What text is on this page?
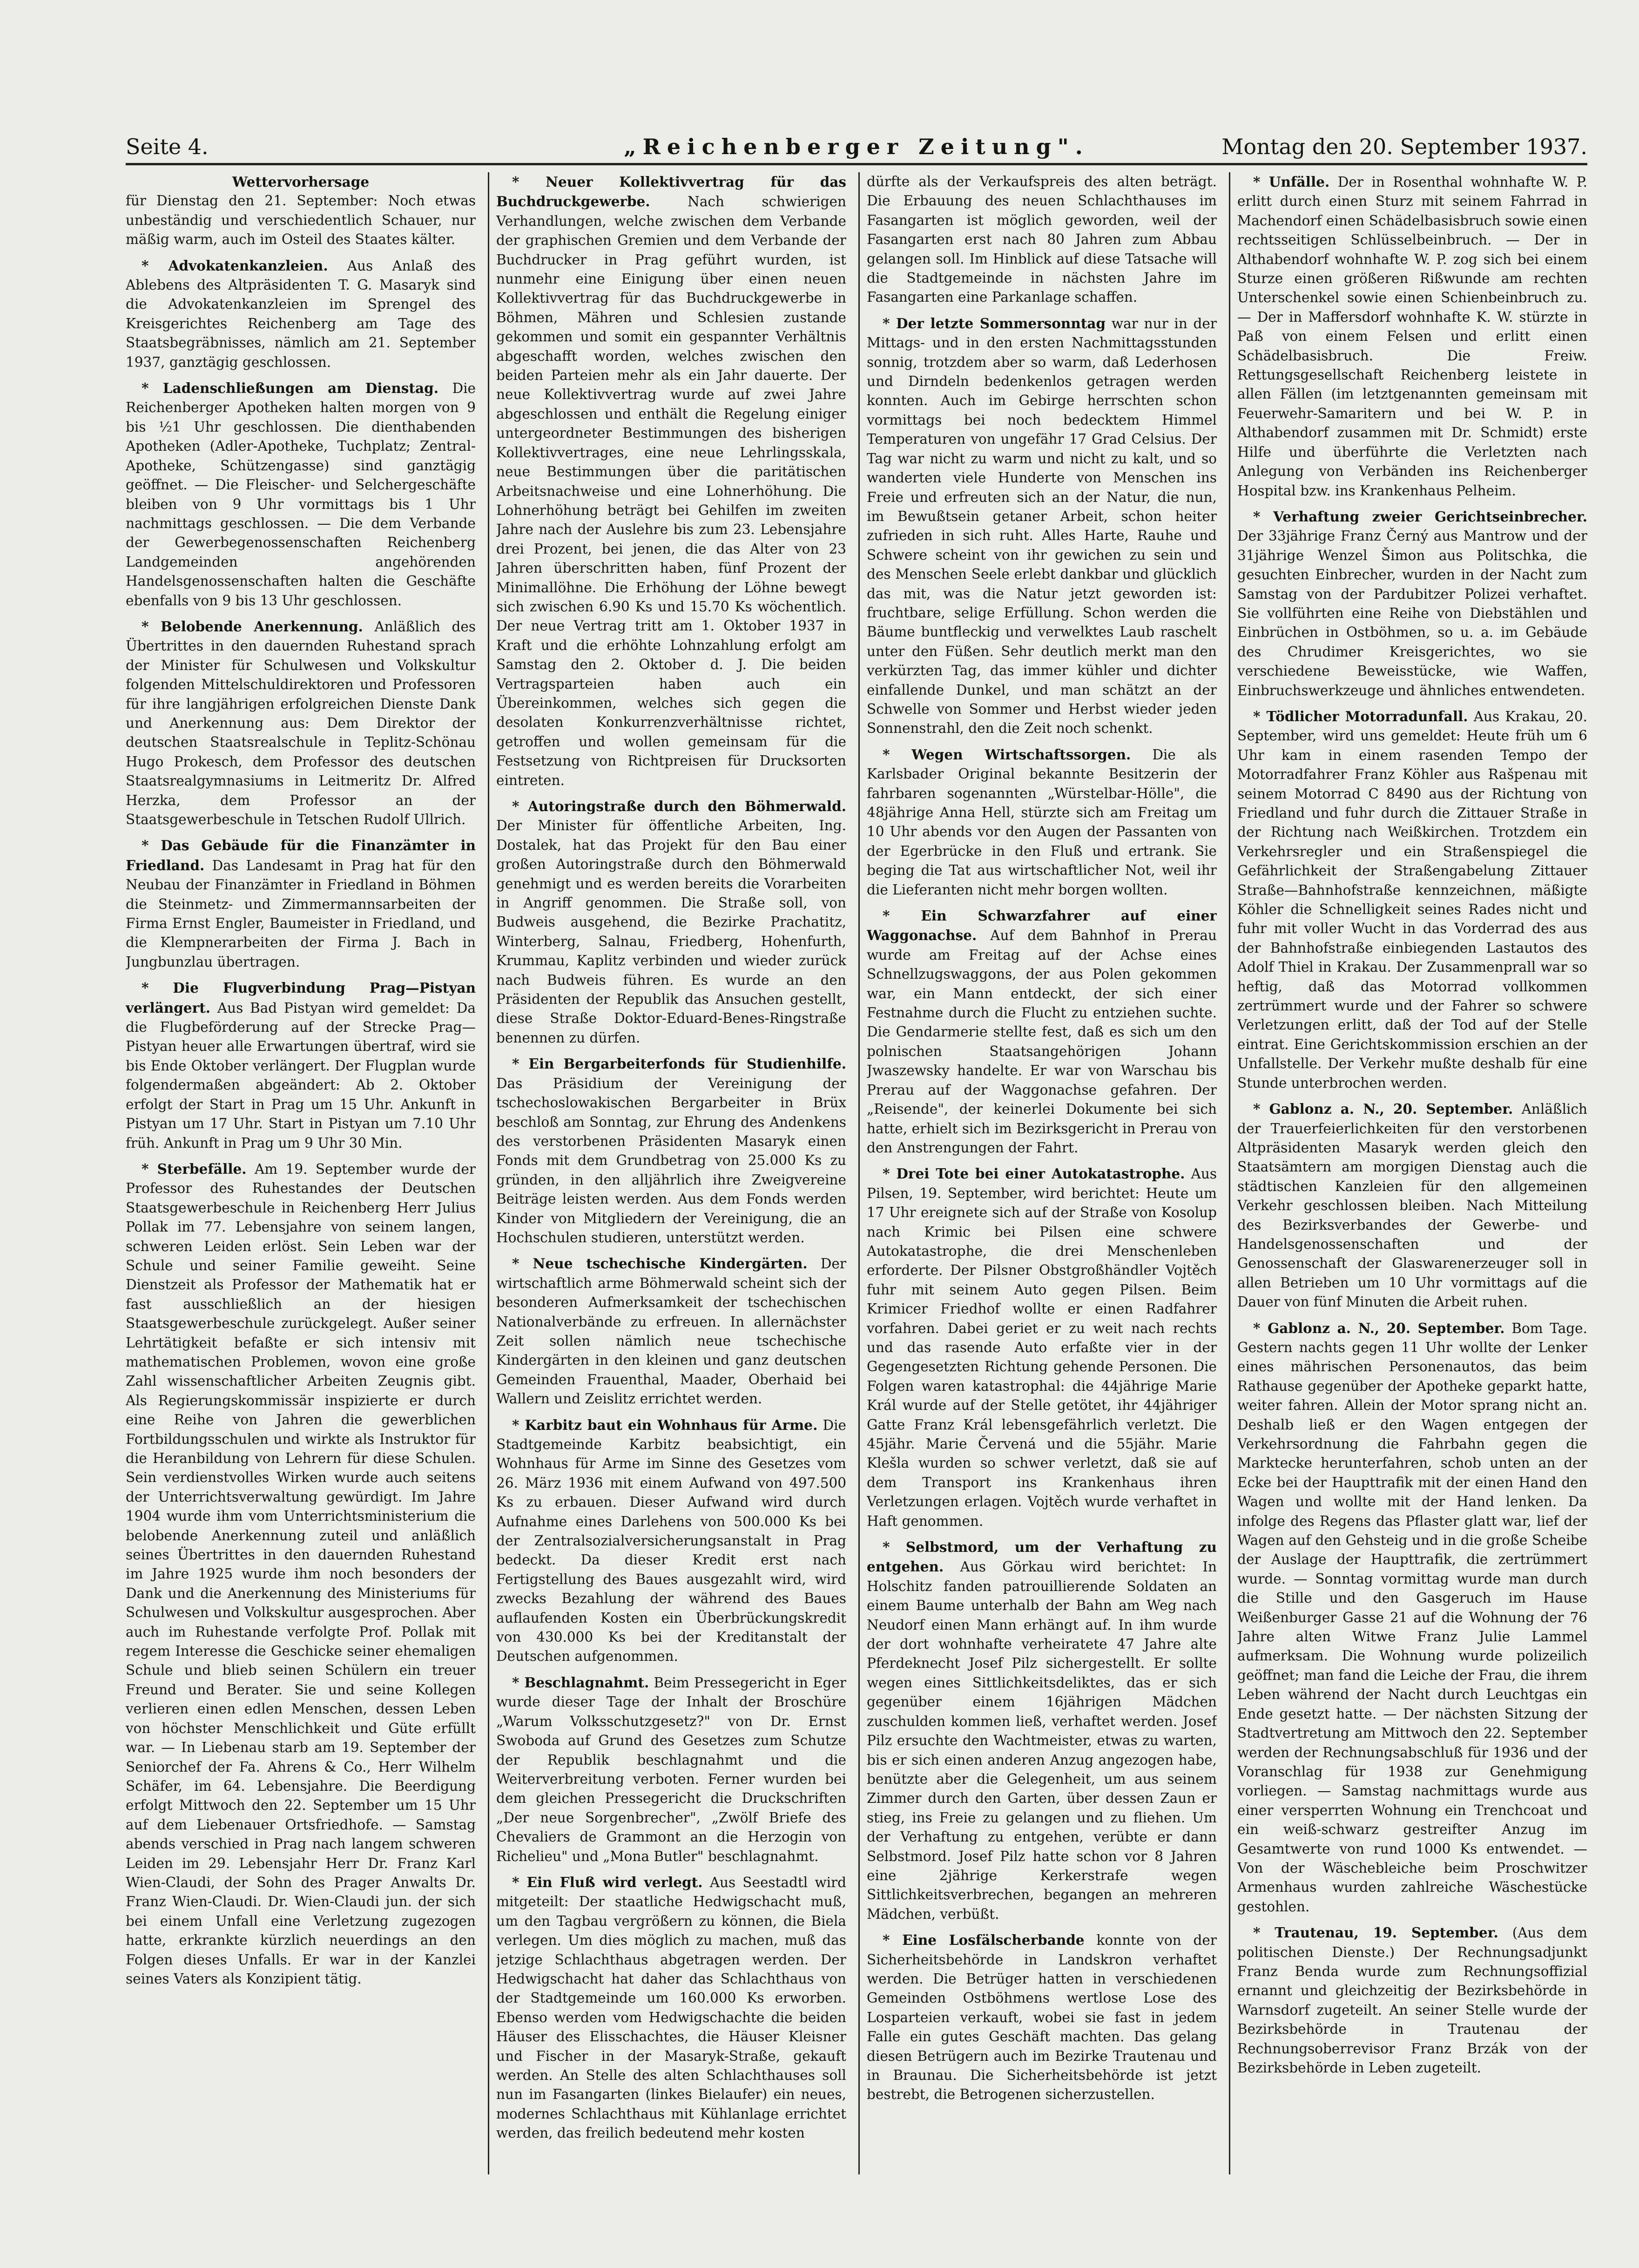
Seite 4.	„Reichenberger Zeitung".	Montag den 20. September 1937.

Wettervorhersage

für Dienstag den 21. September: Noch etwas unbeständig und verschiedentlich Schauer, nur mäßig warm, auch im Osteil des Staates kälter.

* Advokatenkanzleien. Aus Anlaß des Ablebens des Altpräsidenten T. G. Masaryk sind die Advokatenkanzleien im Sprengel des Kreisgerichtes Reichenberg am Tage des Staatsbegräbnisses, nämlich am 21. September 1937, ganztägig geschlossen.

* Ladenschließungen am Dienstag. Die Reichenberger Apotheken halten morgen von 9 bis ½1 Uhr geschlossen. Die dienthabenden Apotheken (Adler-Apotheke, Tuchplatz; Zentral-Apotheke, Schützengasse) sind ganztägig geöffnet. — Die Fleischer- und Selchergeschäfte bleiben von 9 Uhr vormittags bis 1 Uhr nachmittags geschlossen. — Die dem Verbande der Gewerbegenossenschaften Reichenberg Landgemeinden angehörenden Handelsgenossenschaften halten die Geschäfte ebenfalls von 9 bis 13 Uhr geschlossen.

* Belobende Anerkennung. Anläßlich des Übertrittes in den dauernden Ruhestand sprach der Minister für Schulwesen und Volkskultur folgenden Mittelschuldirektoren und Professoren für ihre langjährigen erfolgreichen Dienste Dank und Anerkennung aus: Dem Direktor der deutschen Staatsrealschule in Teplitz-Schönau Hugo Prokesch, dem Professor des deutschen Staatsrealgymnasiums in Leitmeritz Dr. Alfred Herzka, dem Professor an der Staatsgewerbeschule in Tetschen Rudolf Ullrich.

* Das Gebäude für die Finanzämter in Friedland. Das Landesamt in Prag hat für den Neubau der Finanzämter in Friedland in Böhmen die Steinmetz- und Zimmermannsarbeiten der Firma Ernst Engler, Baumeister in Friedland, und die Klempnerarbeiten der Firma J. Bach in Jungbunzlau übertragen.

* Die Flugverbindung Prag—Pistyan verlängert. Aus Bad Pistyan wird gemeldet: Da die Flugbeförderung auf der Strecke Prag—Pistyan heuer alle Erwartungen übertraf, wird sie bis Ende Oktober verlängert. Der Flugplan wurde folgendermaßen abgeändert: Ab 2. Oktober erfolgt der Start in Prag um 15 Uhr. Ankunft in Pistyan um 17 Uhr. Start in Pistyan um 7.10 Uhr früh. Ankunft in Prag um 9 Uhr 30 Min.

* Sterbefälle. Am 19. September wurde der Professor des Ruhestandes der Deutschen Staatsgewerbeschule in Reichenberg Herr Julius Pollak im 77. Lebensjahre von seinem langen, schweren Leiden erlöst. Sein Leben war der Schule und seiner Familie geweiht. Seine Dienstzeit als Professor der Mathematik hat er fast ausschließlich an der hiesigen Staatsgewerbeschule zurückgelegt. Außer seiner Lehrtätigkeit befaßte er sich intensiv mit mathematischen Problemen, wovon eine große Zahl wissenschaftlicher Arbeiten Zeugnis gibt. Als Regierungskommissär inspizierte er durch eine Reihe von Jahren die gewerblichen Fortbildungsschulen und wirkte als Instruktor für die Heranbildung von Lehrern für diese Schulen. Sein verdienstvolles Wirken wurde auch seitens der Unterrichtsverwaltung gewürdigt. Im Jahre 1904 wurde ihm vom Unterrichtsministerium die belobende Anerkennung zuteil und anläßlich seines Übertrittes in den dauernden Ruhestand im Jahre 1925 wurde ihm noch besonders der Dank und die Anerkennung des Ministeriums für Schulwesen und Volkskultur ausgesprochen. Aber auch im Ruhestande verfolgte Prof. Pollak mit regem Interesse die Geschicke seiner ehemaligen Schule und blieb seinen Schülern ein treuer Freund und Berater. Sie und seine Kollegen verlieren einen edlen Menschen, dessen Leben von höchster Menschlichkeit und Güte erfüllt war. — In Liebenau starb am 19. September der Seniorchef der Fa. Ahrens & Co., Herr Wilhelm Schäfer, im 64. Lebensjahre. Die Beerdigung erfolgt Mittwoch den 22. September um 15 Uhr auf dem Liebenauer Ortsfriedhofe. — Samstag abends verschied in Prag nach langem schweren Leiden im 29. Lebensjahr Herr Dr. Franz Karl Wien-Claudi, der Sohn des Prager Anwalts Dr. Franz Wien-Claudi. Dr. Wien-Claudi jun. der sich bei einem Unfall eine Verletzung zugezogen hatte, erkrankte kürzlich neuerdings an den Folgen dieses Unfalls. Er war in der Kanzlei seines Vaters als Konzipient tätig.

* Neuer Kollektivvertrag für das Buchdruckgewerbe.	Nach schwierigen Verhandlungen, welche zwischen dem Verbande der graphischen Gremien und dem Verbande der Buchdrucker in Prag geführt wurden, ist nunmehr eine Einigung über einen neuen Kollektivvertrag für das Buchdruckgewerbe in Böhmen, Mähren und Schlesien zustande gekommen und somit ein gespannter Verhältnis abgeschafft worden, welches zwischen den beiden Parteien mehr als ein Jahr dauerte. Der neue Kollektivvertrag wurde auf zwei Jahre abgeschlossen und enthält die Regelung einiger untergeordneter Bestimmungen des bisherigen Kollektivvertrages, eine neue Lehrlingsskala, neue Bestimmungen über die paritätischen Arbeitsnachweise und eine Lohnerhöhung. Die Lohnerhöhung beträgt bei Gehilfen im zweiten Jahre nach der Auslehre bis zum 23. Lebensjahre drei Prozent, bei jenen, die das Alter von 23 Jahren überschritten haben, fünf Prozent der Minimallöhne. Die Erhöhung der Löhne bewegt sich zwischen 6.90 Ks und 15.70 Ks wöchentlich. Der neue Vertrag tritt am 1. Oktober 1937 in Kraft und die erhöhte Lohnzahlung erfolgt am Samstag den 2. Oktober d. J. Die beiden Vertragsparteien haben auch ein Übereinkommen, welches sich gegen die desolaten Konkurrenzverhältnisse richtet, getroffen und wollen gemeinsam für die Festsetzung von Richtpreisen für Drucksorten eintreten.

* Autoringstraße durch den Böhmerwald. Der Minister für öffentliche Arbeiten, Ing. Dostalek, hat das Projekt für den Bau einer großen Autoringstraße durch den Böhmerwald genehmigt und es werden bereits die Vorarbeiten in Angriff genommen. Die Straße soll, von Budweis ausgehend, die Bezirke Prachatitz, Winterberg, Salnau, Friedberg, Hohenfurth, Krummau, Kaplitz verbinden und wieder zurück nach Budweis führen. Es wurde an den Präsidenten der Republik das Ansuchen gestellt, diese Straße Doktor-Eduard-Benes-Ringstraße benennen zu dürfen.

* Ein Bergarbeiterfonds für Studienhilfe. Das Präsidium der Vereinigung der tschechoslowakischen Bergarbeiter in Brüx beschloß am Sonntag, zur Ehrung des Andenkens des verstorbenen Präsidenten Masaryk einen Fonds mit dem Grundbetrag von 25.000 Ks zu gründen, in den alljährlich ihre Zweigvereine Beiträge leisten werden. Aus dem Fonds werden Kinder von Mitgliedern der Vereinigung, die an Hochschulen studieren, unterstützt werden.

* Neue tschechische Kindergärten. Der wirtschaftlich arme Böhmerwald scheint sich der besonderen Aufmerksamkeit der tschechischen Nationalverbände zu erfreuen. In allernächster Zeit sollen nämlich neue tschechische Kindergärten in den kleinen und ganz deutschen Gemeinden Frauenthal, Maader, Oberhaid bei Wallern und Zeislitz errichtet werden.

* Karbitz baut ein Wohnhaus für Arme. Die Stadtgemeinde Karbitz beabsichtigt, ein Wohnhaus für Arme im Sinne des Gesetzes vom 26. März 1936 mit einem Aufwand von 497.500 Ks zu erbauen. Dieser Aufwand wird durch Aufnahme eines Darlehens von 500.000 Ks bei der Zentralsozialversicherungsanstalt in Prag bedeckt. Da dieser Kredit erst nach Fertigstellung des Baues ausgezahlt wird, wird zwecks Bezahlung der während des Baues auflaufenden Kosten ein Überbrückungskredit von 430.000 Ks bei der Kreditanstalt der Deutschen aufgenommen.

* Beschlagnahmt. Beim Pressegericht in Eger wurde dieser Tage der Inhalt der Broschüre „Warum Volksschutzgesetz?" von Dr. Ernst Swoboda auf Grund des Gesetzes zum Schutze der Republik beschlagnahmt und die Weiterverbreitung verboten. Ferner wurden bei dem gleichen Pressegericht die Druckschriften „Der neue Sorgenbrecher", „Zwölf Briefe des Chevaliers de Grammont an die Herzogin von Richelieu" und „Mona Butler" beschlagnahmt.

* Ein Fluß wird verlegt. Aus Seestadtl wird mitgeteilt: Der staatliche Hedwigschacht muß, um den Tagbau vergrößern zu können, die Biela verlegen. Um dies möglich zu machen, muß das jetzige Schlachthaus abgetragen werden. Der Hedwigschacht hat daher das Schlachthaus von der Stadtgemeinde um 160.000 Ks erworben. Ebenso werden vom Hedwigschachte die beiden Häuser des Elisschachtes, die Häuser Kleisner und Fischer in der Masaryk-Straße, gekauft werden. An Stelle des alten Schlachthauses soll nun im Fasangarten (linkes Bielaufer) ein neues, modernes Schlachthaus mit Kühlanlage errichtet werden, das freilich bedeutend mehr kosten

dürfte als der Verkaufspreis des alten beträgt. Die Erbauung des neuen Schlachthauses im Fasangarten ist möglich geworden, weil der Fasangarten erst nach 80 Jahren zum Abbau gelangen soll. Im Hinblick auf diese Tatsache will die Stadtgemeinde in nächsten Jahre im Fasangarten eine Parkanlage schaffen.

* Der letzte Sommersonntag war nur in der Mittags- und in den ersten Nachmittagsstunden sonnig, trotzdem aber so warm, daß Lederhosen und Dirndeln bedenkenlos getragen werden konnten. Auch im Gebirge herrschten schon vormittags bei noch bedecktem Himmel Temperaturen von ungefähr 17 Grad Celsius. Der Tag war nicht zu warm und nicht zu kalt, und so wanderten viele Hunderte von Menschen ins Freie und erfreuten sich an der Natur, die nun, im Bewußtsein getaner Arbeit, schon heiter zufrieden in sich ruht. Alles Harte, Rauhe und Schwere scheint von ihr gewichen zu sein und des Menschen Seele erlebt dankbar und glücklich das mit, was die Natur jetzt geworden ist: fruchtbare, selige Erfüllung. Schon werden die Bäume buntfleckig und verwelktes Laub raschelt unter den Füßen. Sehr deutlich merkt man den verkürzten Tag, das immer kühler und dichter einfallende Dunkel, und man schätzt an der Schwelle von Sommer und Herbst wieder jeden Sonnenstrahl, den die Zeit noch schenkt.

* Wegen Wirtschaftssorgen. Die als Karlsbader Original bekannte Besitzerin der fahrbaren sogenannten „Würstelbar-Hölle", die 48jährige Anna Hell, stürzte sich am Freitag um 10 Uhr abends vor den Augen der Passanten von der Egerbrücke in den Fluß und ertrank. Sie beging die Tat aus wirtschaftlicher Not, weil ihr die Lieferanten nicht mehr borgen wollten.

* Ein Schwarzfahrer auf einer Waggonachse. Auf dem Bahnhof in Prerau wurde am Freitag auf der Achse eines Schnellzugswaggons, der aus Polen gekommen war, ein Mann entdeckt, der sich einer Festnahme durch die Flucht zu entziehen suchte. Die Gendarmerie stellte fest, daß es sich um den polnischen Staatsangehörigen Johann Jwaszewsky handelte. Er war von Warschau bis Prerau auf der Waggonachse gefahren. Der „Reisende", der keinerlei Dokumente bei sich hatte, erhielt sich im Bezirksgericht in Prerau von den Anstrengungen der Fahrt.

* Drei Tote bei einer Autokatastrophe. Aus Pilsen, 19. September, wird berichtet: Heute um 17 Uhr ereignete sich auf der Straße von Kosolup nach Krimic bei Pilsen eine schwere Autokatastrophe, die drei Menschenleben erforderte. Der Pilsner Obstgroßhändler Vojtěch fuhr mit seinem Auto gegen Pilsen. Beim Krimicer Friedhof wollte er einen Radfahrer vorfahren. Dabei geriet er zu weit nach rechts und das rasende Auto erfaßte vier in der Gegengesetzten Richtung gehende Personen. Die Folgen waren katastrophal: die 44jährige Marie Král wurde auf der Stelle getötet, ihr 44jähriger Gatte Franz Král lebensgefährlich verletzt. Die 45jähr. Marie Červená und die 55jähr. Marie Klešla wurden so schwer verletzt, daß sie auf dem Transport ins Krankenhaus ihren Verletzungen erlagen. Vojtěch wurde verhaftet in Haft genommen.

* Selbstmord, um der Verhaftung zu entgehen. Aus Görkau wird berichtet: In Holschitz fanden patrouillierende Soldaten an einem Baume unterhalb der Bahn am Weg nach Neudorf einen Mann erhängt auf. In ihm wurde der dort wohnhafte verheiratete 47 Jahre alte Pferdeknecht Josef Pilz sichergestellt. Er sollte wegen eines Sittlichkeitsdeliktes, das er sich gegenüber einem 16jährigen Mädchen zuschulden kommen ließ, verhaftet werden. Josef Pilz ersuchte den Wachtmeister, etwas zu warten, bis er sich einen anderen Anzug angezogen habe, benützte aber die Gelegenheit, um aus seinem Zimmer durch den Garten, über dessen Zaun er stieg, ins Freie zu gelangen und zu fliehen. Um der Verhaftung zu entgehen, verübte er dann Selbstmord. Josef Pilz hatte schon vor 8 Jahren eine 2jährige Kerkerstrafe wegen Sittlichkeitsverbrechen, begangen an mehreren Mädchen, verbüßt.

* Eine Losfälscherbande konnte von der Sicherheitsbehörde in Landskron verhaftet werden. Die Betrüger hatten in verschiedenen Gemeinden Ostböhmens wertlose Lose des Losparteien verkauft, wobei sie fast in jedem Falle ein gutes Geschäft machten. Das gelang diesen Betrügern auch im Bezirke Trautenau und in Braunau. Die Sicherheitsbehörde ist jetzt bestrebt, die Betrogenen sicherzustellen.

* Unfälle. Der in Rosenthal wohnhafte W. P. erlitt durch einen Sturz mit seinem Fahrrad in Machendorf einen Schädelbasisbruch sowie einen rechtsseitigen Schlüsselbeinbruch. — Der in Althabendorf wohnhafte W. P. zog sich bei einem Sturze einen größeren Rißwunde am rechten Unterschenkel sowie einen Schienbeinbruch zu. — Der in Maffersdorf wohnhafte K. W. stürzte in Paß von einem Felsen und erlitt einen Schädelbasisbruch. Die Freiw. Rettungsgesellschaft Reichenberg leistete in allen Fällen (im letztgenannten gemeinsam mit Feuerwehr-Samaritern und bei W. P. in Althabendorf zusammen mit Dr. Schmidt) erste Hilfe und überführte die Verletzten nach Anlegung von Verbänden ins Reichenberger Hospital bzw. ins Krankenhaus Pelheim.

* Verhaftung zweier Gerichtseinbrecher. Der 33jährige Franz Černý aus Mantrow und der 31jährige Wenzel Šimon aus Politschka, die gesuchten Einbrecher, wurden in der Nacht zum Samstag von der Pardubitzer Polizei verhaftet. Sie vollführten eine Reihe von Diebstählen und Einbrüchen in Ostböhmen, so u. a. im Gebäude des Chrudimer Kreisgerichtes, wo sie verschiedene Beweisstücke, wie Waffen, Einbruchswerkzeuge und ähnliches entwendeten.

* Tödlicher Motorradunfall. Aus Krakau, 20. September, wird uns gemeldet: Heute früh um 6 Uhr kam in einem rasenden Tempo der Motorradfahrer Franz Köhler aus Rašpenau mit seinem Motorrad C 8490 aus der Richtung von Friedland und fuhr durch die Zittauer Straße in der Richtung nach Weißkirchen. Trotzdem ein Verkehrsregler und ein Straßenspiegel die Gefährlichkeit der Straßengabelung Zittauer Straße—Bahnhofstraße kennzeichnen, mäßigte Köhler die Schnelligkeit seines Rades nicht und fuhr mit voller Wucht in das Vorderrad des aus der Bahnhofstraße einbiegenden Lastautos des Adolf Thiel in Krakau. Der Zusammenprall war so heftig, daß das Motorrad vollkommen zertrümmert wurde und der Fahrer so schwere Verletzungen erlitt, daß der Tod auf der Stelle eintrat. Eine Gerichtskommission erschien an der Unfallstelle. Der Verkehr mußte deshalb für eine Stunde unterbrochen werden.

* Gablonz a. N., 20. September. Anläßlich der Trauerfeierlichkeiten für den verstorbenen Altpräsidenten Masaryk werden gleich den Staatsämtern am morgigen Dienstag auch die städtischen Kanzleien für den allgemeinen Verkehr geschlossen bleiben. Nach Mitteilung des Bezirksverbandes der Gewerbe- und Handelsgenossenschaften und der Genossenschaft der Glaswarenerzeuger soll in allen Betrieben um 10 Uhr vormittags auf die Dauer von fünf Minuten die Arbeit ruhen.

* Gablonz a. N., 20. September. Bom Tage. Gestern nachts gegen 11 Uhr wollte der Lenker eines mährischen Personenautos, das beim Rathause gegenüber der Apotheke geparkt hatte, weiter fahren. Allein der Motor sprang nicht an. Deshalb ließ er den Wagen entgegen der Verkehrsordnung die Fahrbahn gegen die Marktecke herunterfahren, schob unten an der Ecke bei der Haupttrafik mit der einen Hand den Wagen und wollte mit der Hand lenken. Da infolge des Regens das Pflaster glatt war, lief der Wagen auf den Gehsteig und in die große Scheibe der Auslage der Haupttrafik, die zertrümmert wurde. — Sonntag vormittag wurde man durch die Stille und den Gasgeruch im Hause Weißenburger Gasse 21 auf die Wohnung der 76 Jahre alten Witwe Franz Julie Lammel aufmerksam. Die Wohnung wurde polizeilich geöffnet; man fand die Leiche der Frau, die ihrem Leben während der Nacht durch Leuchtgas ein Ende gesetzt hatte. — Der nächsten Sitzung der Stadtvertretung am Mittwoch den 22. September werden der Rechnungsabschluß für 1936 und der Voranschlag für 1938 zur Genehmigung vorliegen. — Samstag nachmittags wurde aus einer versperrten Wohnung ein Trenchcoat und ein weiß-schwarz gestreifter Anzug im Gesamtwerte von rund 1000 Ks entwendet. — Von der Wäschebleiche beim Proschwitzer Armenhaus wurden zahlreiche Wäschestücke gestohlen.

* Trautenau, 19. September. (Aus dem politischen Dienste.) Der Rechnungsadjunkt Franz Benda wurde zum Rechnungsoffizial ernannt und gleichzeitig der Bezirksbehörde in Warnsdorf zugeteilt. An seiner Stelle wurde der Bezirksbehörde in Trautenau der Rechnungsoberrevisor Franz Brzák von der Bezirksbehörde in Leben zugeteilt.
